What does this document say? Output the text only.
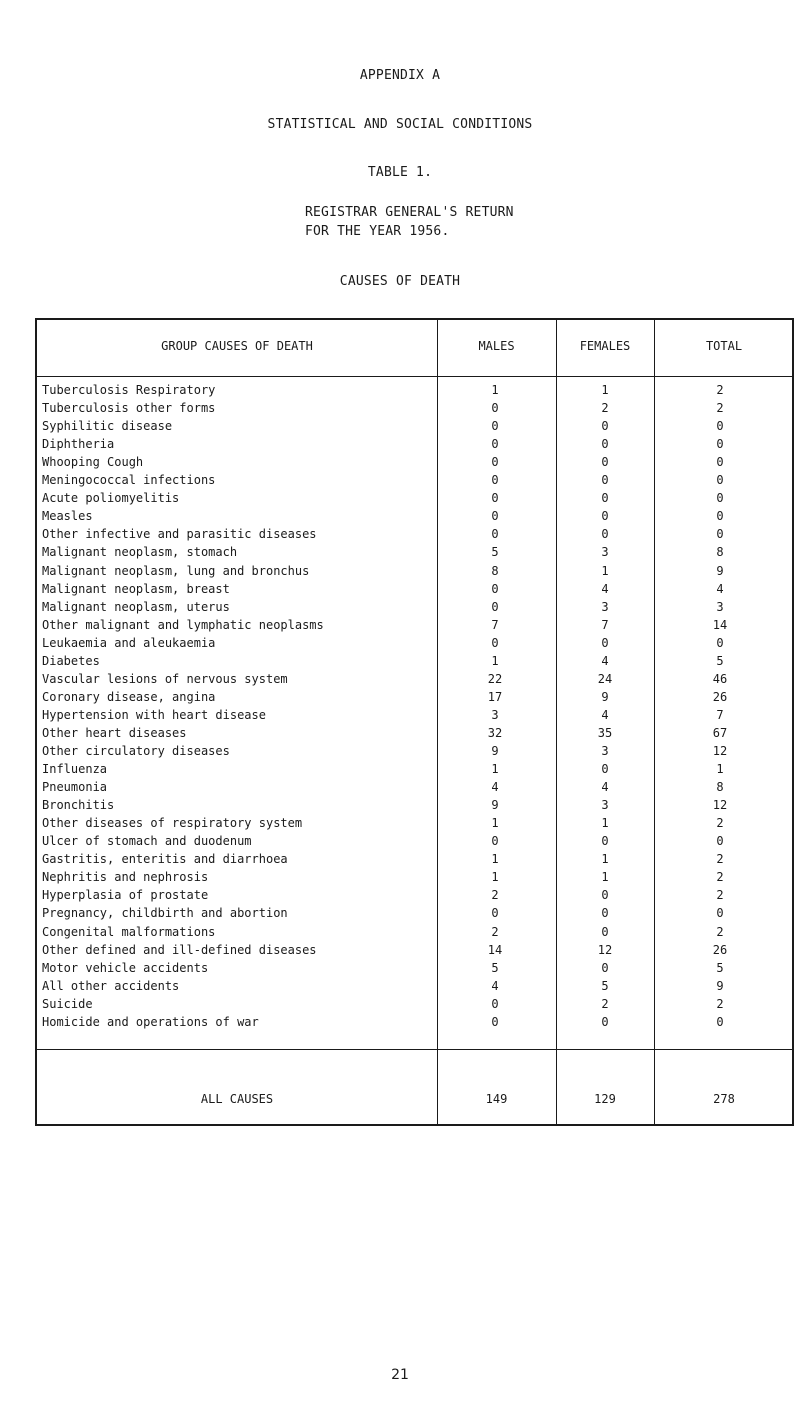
APPENDIX A
STATISTICAL AND SOCIAL CONDITIONS
TABLE 1.
REGISTRAR GENERAL'S RETURN
FOR THE YEAR 1956.
CAUSES OF DEATH
GROUP CAUSES OF DEATH	MALES	FEMALES	TOTAL
Tuberculosis Respiratory	1	1	2
Tuberculosis other forms	0	2	2
Syphilitic disease	0	0	0
Diphtheria	0	0	0
Whooping Cough	0	0	0
Meningococcal infections	0	0	0
Acute poliomyelitis	0	0	0
Measles	0	0	0
Other infective and parasitic diseases	0	0	0
Malignant neoplasm, stomach	5	3	8
Malignant neoplasm, lung and bronchus	8	1	9
Malignant neoplasm, breast	0	4	4
Malignant neoplasm, uterus	0	3	3
Other malignant and lymphatic neoplasms	7	7	14
Leukaemia and aleukaemia	0	0	0
Diabetes	1	4	5
Vascular lesions of nervous system	22	24	46
Coronary disease, angina	17	9	26
Hypertension with heart disease	3	4	7
Other heart diseases	32	35	67
Other circulatory diseases	9	3	12
Influenza	1	0	1
Pneumonia	4	4	8
Bronchitis	9	3	12
Other diseases of respiratory system	1	1	2
Ulcer of stomach and duodenum	0	0	0
Gastritis, enteritis and diarrhoea	1	1	2
Nephritis and nephrosis	1	1	2
Hyperplasia of prostate	2	0	2
Pregnancy, childbirth and abortion	0	0	0
Congenital malformations	2	0	2
Other defined and ill-defined diseases	14	12	26
Motor vehicle accidents	5	0	5
All other accidents	4	5	9
Suicide	0	2	2
Homicide and operations of war	0	0	0
ALL CAUSES	149	129	278
21
